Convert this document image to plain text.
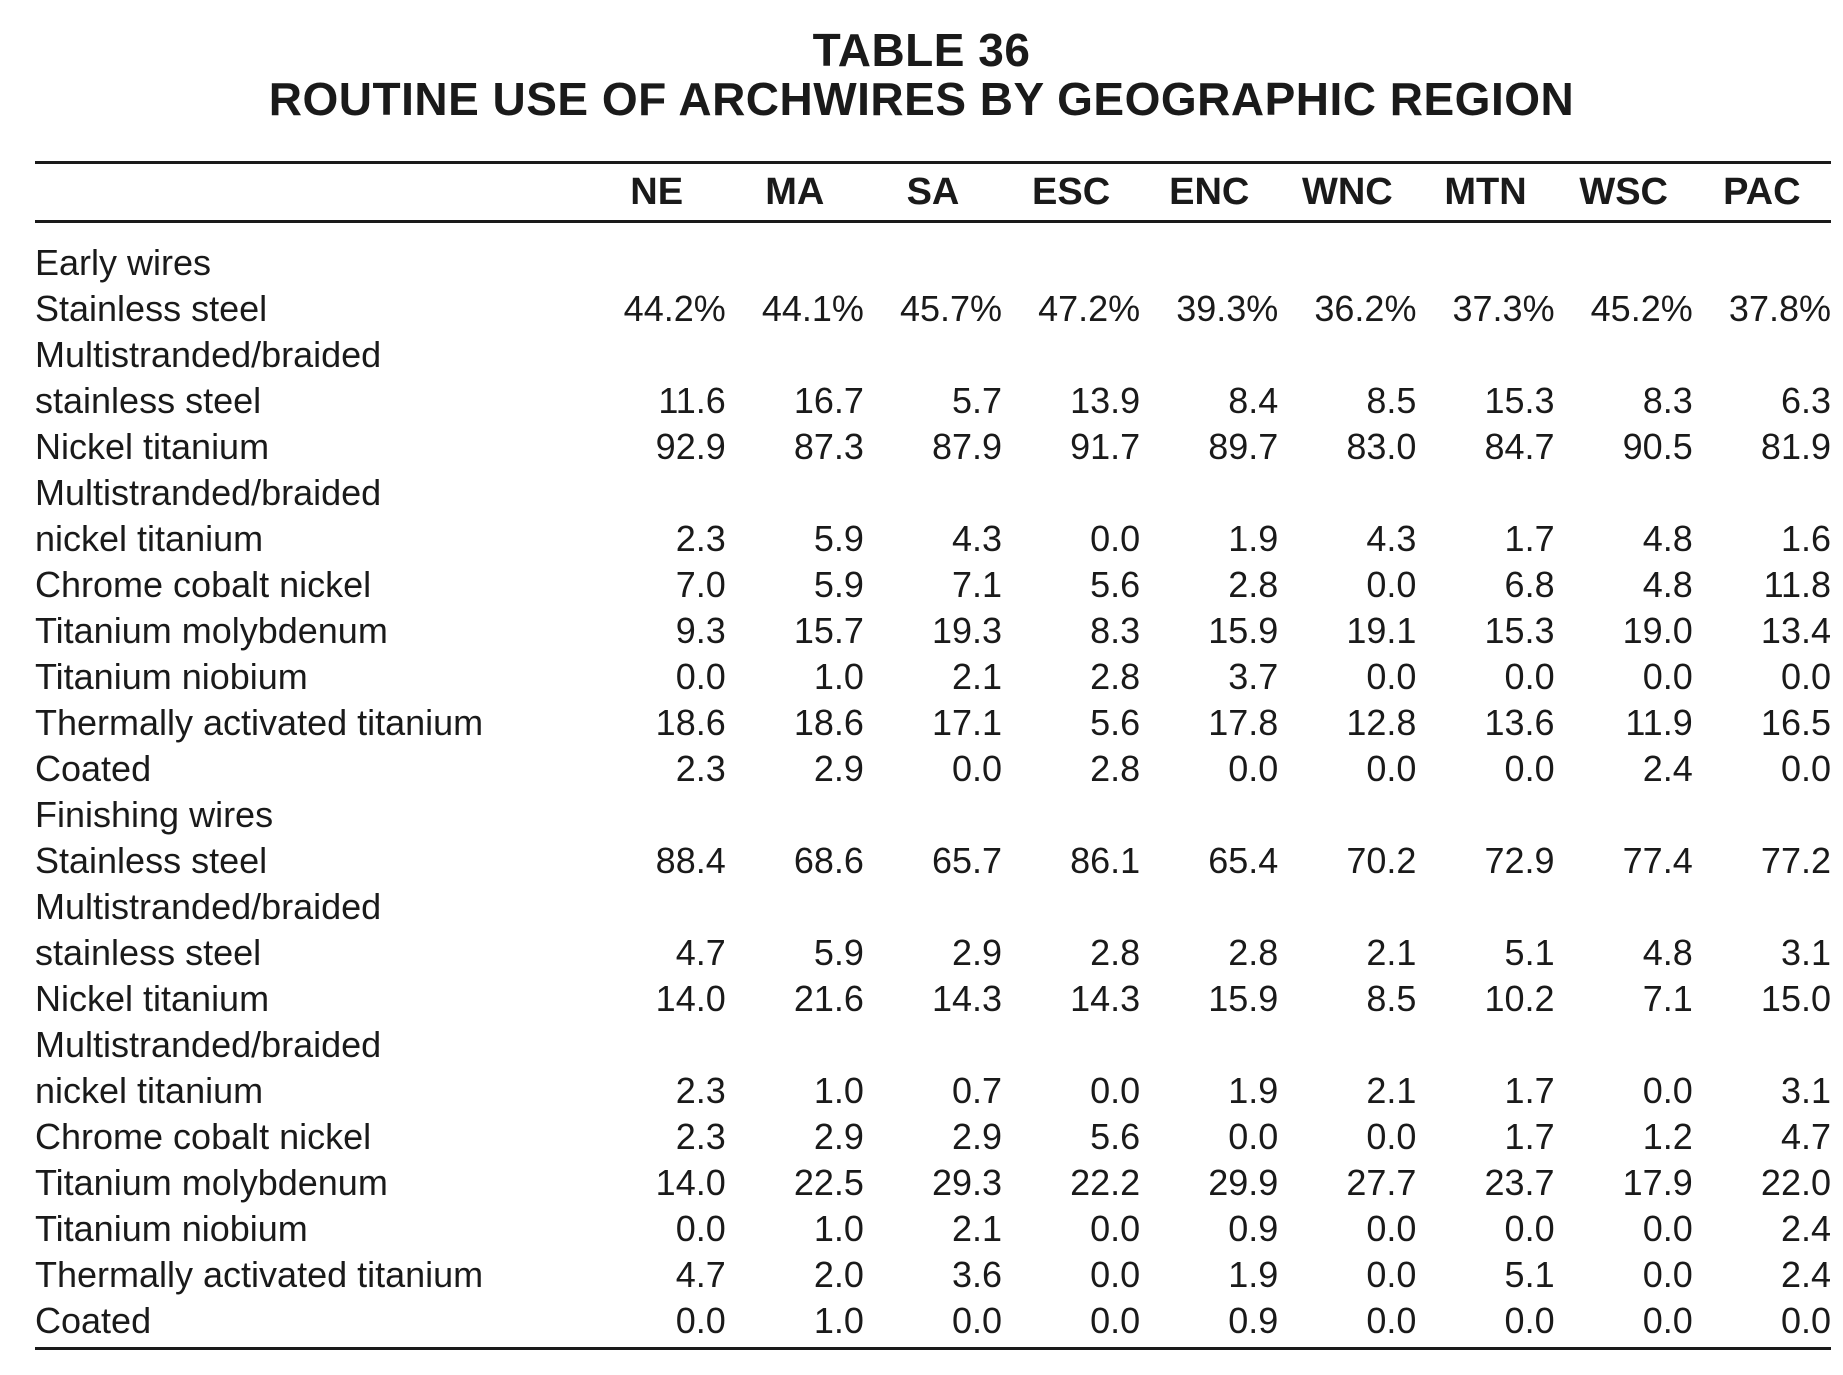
TABLE 36
ROUTINE USE OF ARCHWIRES BY GEOGRAPHIC REGION
	NE	MA	SA	ESC	ENC	WNC	MTN	WSC	PAC

Early wires									
Stainless steel	44.2%	44.1%	45.7%	47.2%	39.3%	36.2%	37.3%	45.2%	37.8%
Multistranded/braided									
stainless steel	11.6	16.7	5.7	13.9	8.4	8.5	15.3	8.3	6.3
Nickel titanium	92.9	87.3	87.9	91.7	89.7	83.0	84.7	90.5	81.9
Multistranded/braided									
nickel titanium	2.3	5.9	4.3	0.0	1.9	4.3	1.7	4.8	1.6
Chrome cobalt nickel	7.0	5.9	7.1	5.6	2.8	0.0	6.8	4.8	11.8
Titanium molybdenum	9.3	15.7	19.3	8.3	15.9	19.1	15.3	19.0	13.4
Titanium niobium	0.0	1.0	2.1	2.8	3.7	0.0	0.0	0.0	0.0
Thermally activated titanium	18.6	18.6	17.1	5.6	17.8	12.8	13.6	11.9	16.5
Coated	2.3	2.9	0.0	2.8	0.0	0.0	0.0	2.4	0.0
Finishing wires									
Stainless steel	88.4	68.6	65.7	86.1	65.4	70.2	72.9	77.4	77.2
Multistranded/braided									
stainless steel	4.7	5.9	2.9	2.8	2.8	2.1	5.1	4.8	3.1
Nickel titanium	14.0	21.6	14.3	14.3	15.9	8.5	10.2	7.1	15.0
Multistranded/braided									
nickel titanium	2.3	1.0	0.7	0.0	1.9	2.1	1.7	0.0	3.1
Chrome cobalt nickel	2.3	2.9	2.9	5.6	0.0	0.0	1.7	1.2	4.7
Titanium molybdenum	14.0	22.5	29.3	22.2	29.9	27.7	23.7	17.9	22.0
Titanium niobium	0.0	1.0	2.1	0.0	0.9	0.0	0.0	0.0	2.4
Thermally activated titanium	4.7	2.0	3.6	0.0	1.9	0.0	5.1	0.0	2.4
Coated	0.0	1.0	0.0	0.0	0.9	0.0	0.0	0.0	0.0
